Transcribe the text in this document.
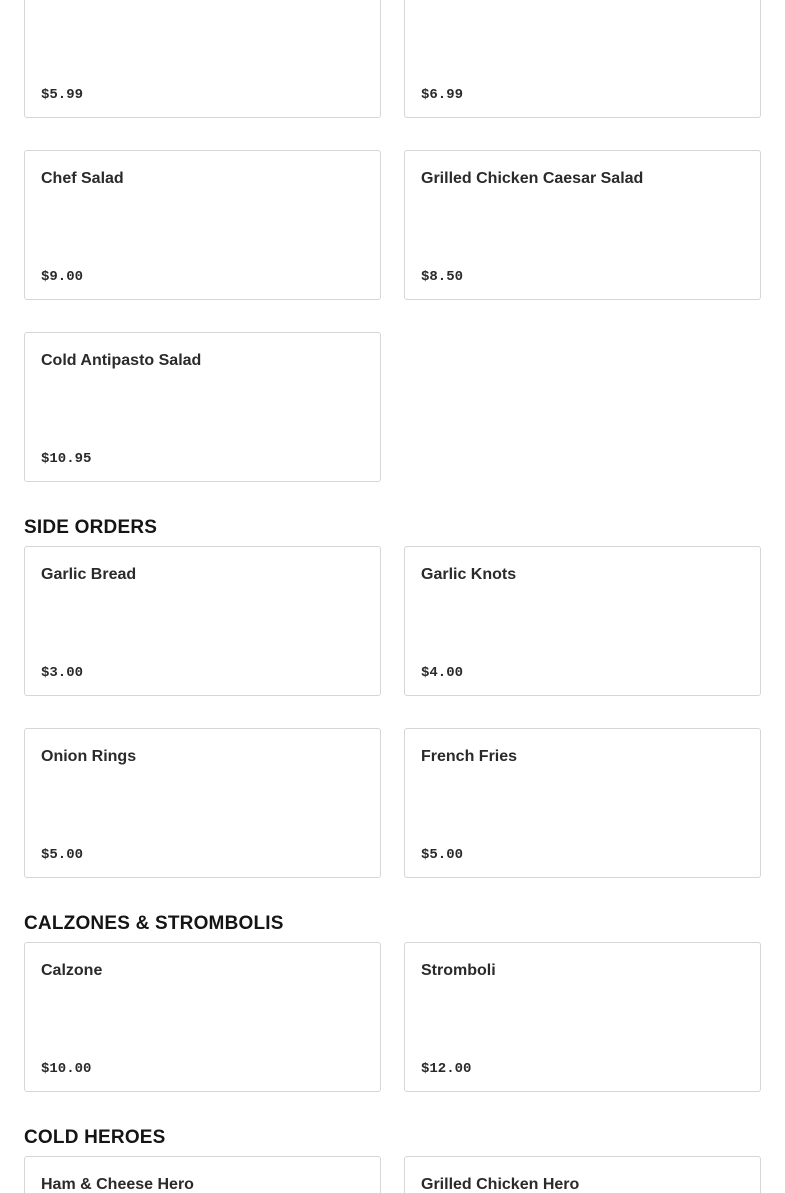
$5.99	$6.99
Chef Salad
$9.00
Grilled Chicken Caesar Salad
$8.50
Cold Antipasto Salad
$10.95
SIDE ORDERS
Garlic Bread
$3.00
Garlic Knots
$4.00
Onion Rings
$5.00
French Fries
$5.00
CALZONES & STROMBOLIS
Calzone
$10.00
Stromboli
$12.00
COLD HEROES
Ham & Cheese Hero	Grilled Chicken Hero
